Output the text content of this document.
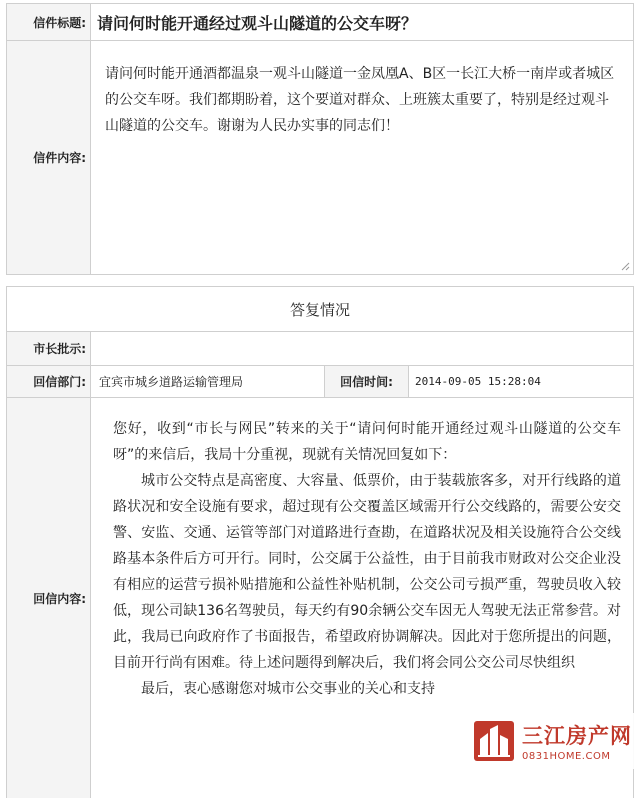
信件标题: 请问何时能开通经过观斗山隧道的公交车呀？
信件内容:
请问何时能开通酒都温泉一观斗山隧道一金凤凰A、B区一长江大桥一南岸或者城区的公交车呀。我们都期盼着，这个要道对群众、上班簇太重要了，特别是经过观斗山隧道的公交车。谢谢为人民办实事的同志们！
答复情况
市长批示:
回信部门:	宜宾市城乡道路运输管理局	回信时间:	2014-09-05 15:28:04
回信内容:

您好，收到“市长与网民”转来的关于“请问何时能开通经过观斗山隧道的公交车呀”的来信后，我局十分重视，现就有关情况回复如下：

城市公交特点是高密度、大容量、低票价，由于装载旅客多，对开行线路的道路状况和安全设施有要求，超过现有公交覆盖区域需开行公交线路的，需要公安交警、安监、交通、运管等部门对道路进行查勘，在道路状况及相关设施符合公交线路基本条件后方可开行。同时，公交属于公益性，由于目前我市财政对公交企业没有相应的运营亏损补贴措施和公益性补贴机制，公交公司亏损严重，驾驶员收入较低，现公司缺136名驾驶员，每天约有90余辆公交车因无人驾驶无法正常参营。对此，我局已向政府作了书面报告，希望政府协调解决。因此对于您所提出的问题，目前开行尚有困难。待上述问题得到解决后，我们将会同公交公司尽快组织

最后，衷心感谢您对城市公交事业的关心和支持

三江房产网
0831HOME.COM
